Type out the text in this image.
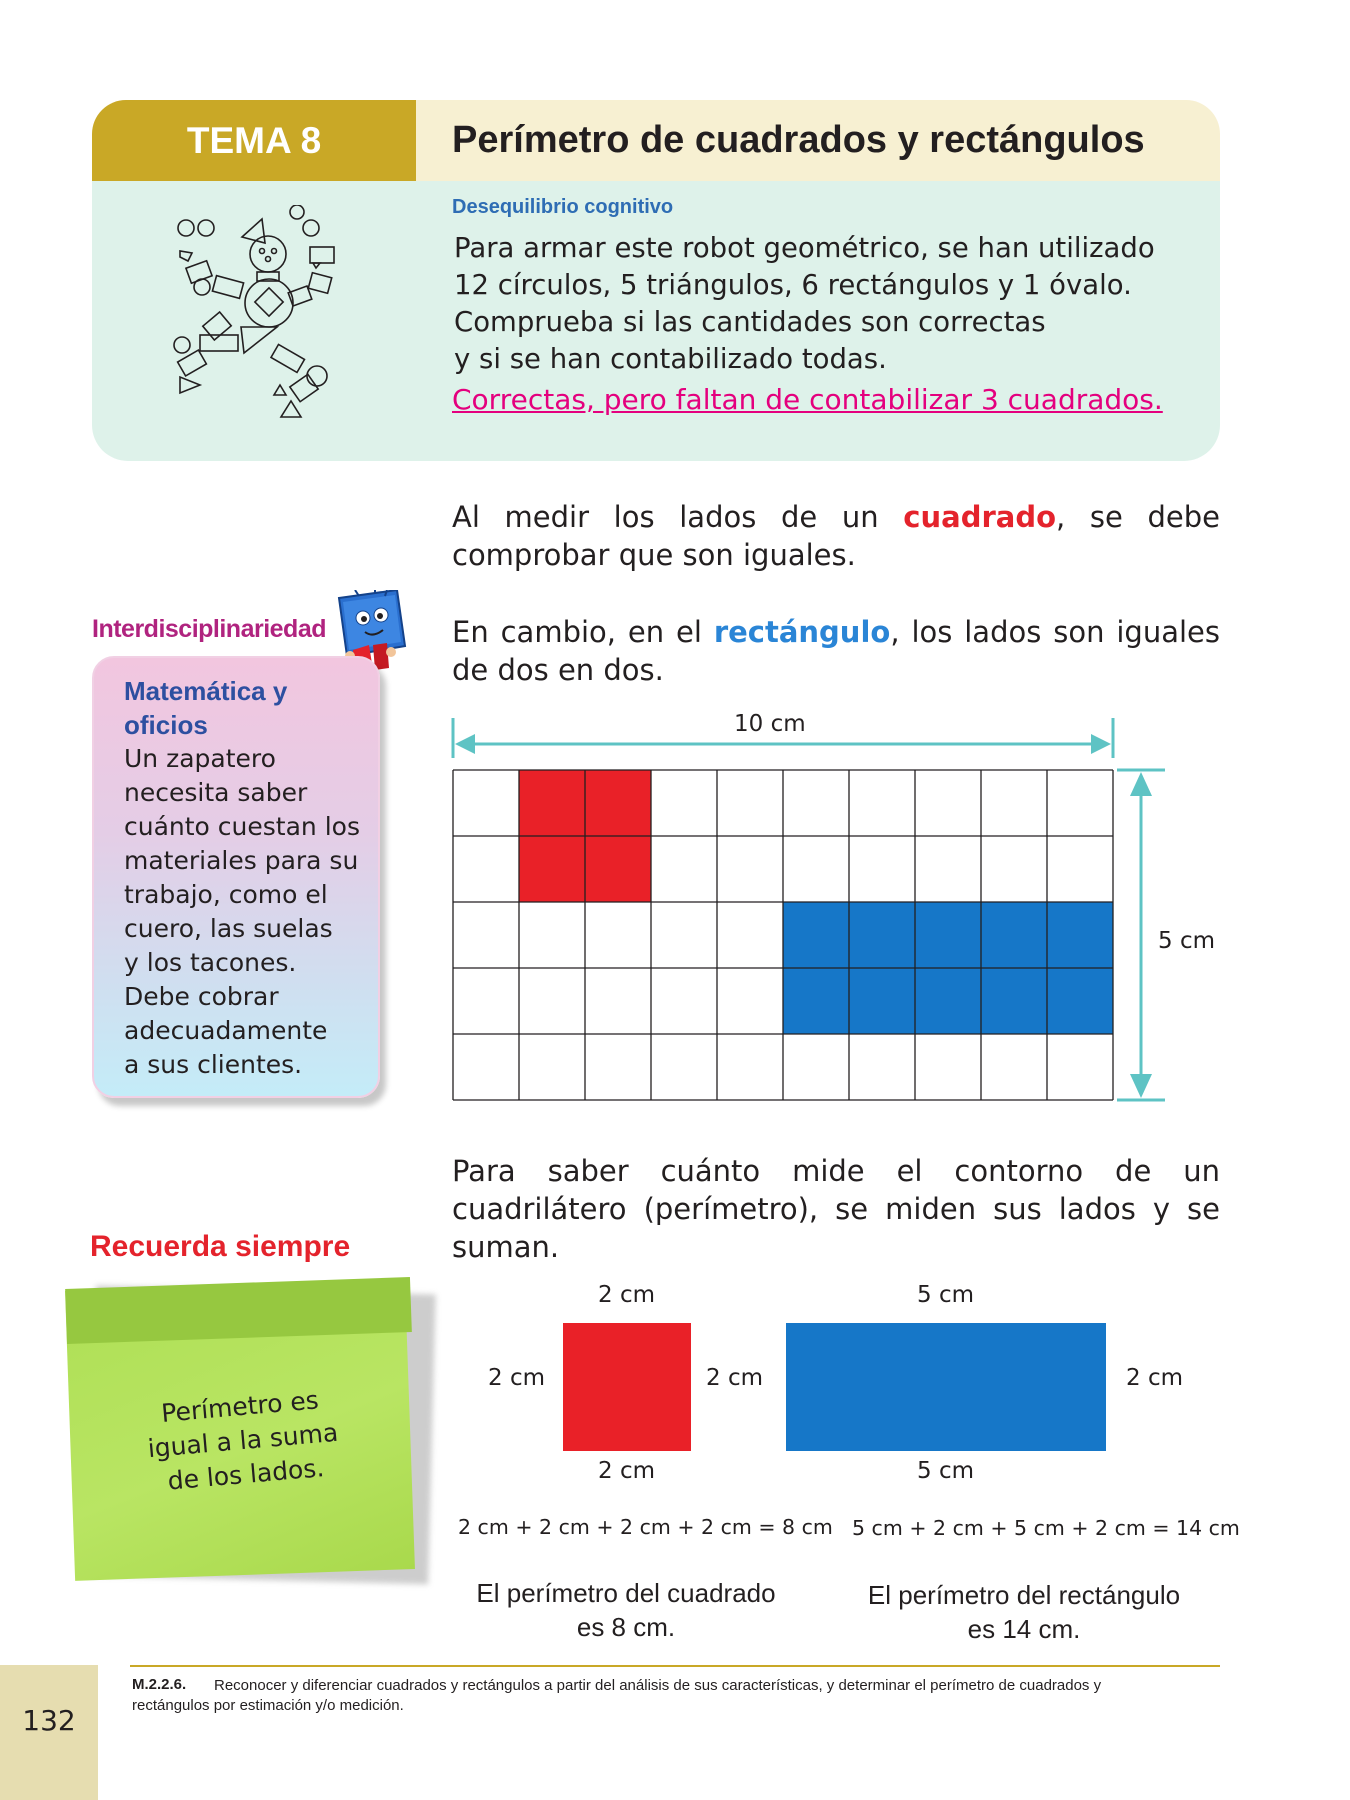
TEMA 8	Perímetro de cuadrados y rectángulos
Desequilibrio cognitivo
Para armar este robot geométrico, se han utilizado
12 círculos, 5 triángulos, 6 rectángulos y 1 óvalo.
Comprueba si las cantidades son correctas
y si se han contabilizado todas.
Correctas, pero faltan de contabilizar 3 cuadrados.
Al medir los lados de un cuadrado, se debe comprobar que son iguales.
En cambio, en el rectángulo, los lados son iguales de dos en dos.
Interdisciplinariedad
Matemática y oficios
Un zapatero
necesita saber
cuánto cuestan los
materiales para su
trabajo, como el
cuero, las suelas
y los tacones.
Debe cobrar
adecuadamente
a sus clientes.
10 cm
5 cm
Para saber cuánto mide el contorno de un cuadrilátero (perímetro), se miden sus lados y se suman.
Recuerda siempre
Perímetro es
igual a la suma
de los lados.
2 cm
2 cm	2 cm
2 cm
2 cm + 2 cm + 2 cm + 2 cm = 8 cm
El perímetro del cuadrado
es 8 cm.
5 cm
2 cm
5 cm
5 cm + 2 cm + 5 cm + 2 cm = 14 cm
El perímetro del rectángulo
es 14 cm.
M.2.2.6.	Reconocer y diferenciar cuadrados y rectángulos a partir del análisis de sus características, y determinar el perímetro de cuadrados y rectángulos por estimación y/o medición.
132
